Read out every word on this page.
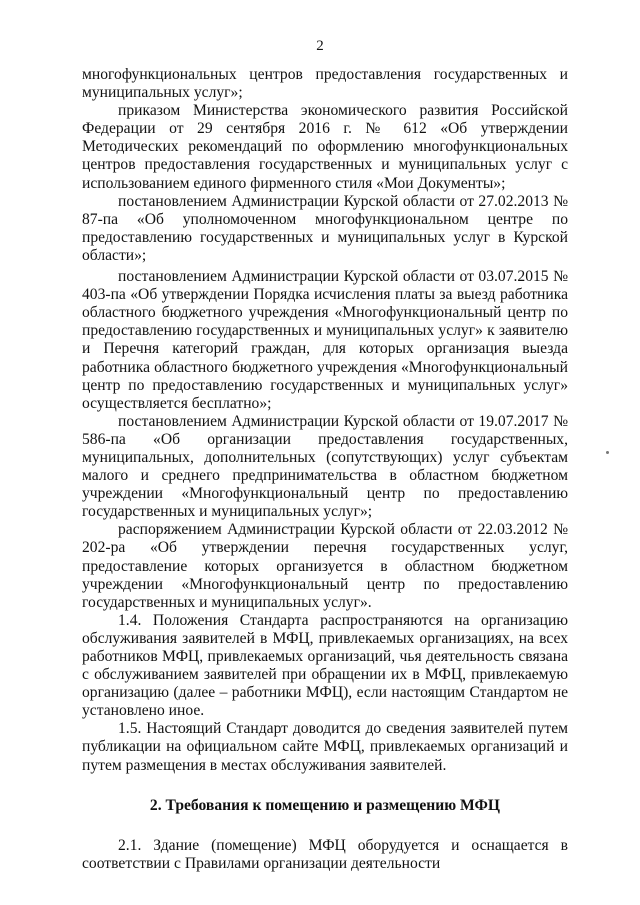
2

многофункциональных центров предоставления государственных и муниципальных услуг»;

приказом Министерства экономического развития Российской Федерации от 29 сентября 2016 г. № 612 «Об утверждении Методических рекомендаций по оформлению многофункциональных центров предоставления государственных и муниципальных услуг с использованием единого фирменного стиля «Мои Документы»;

постановлением Администрации Курской области от 27.02.2013 № 87-па «Об уполномоченном многофункциональном центре по предоставлению государственных и муниципальных услуг в Курской области»;

постановлением Администрации Курской области от 03.07.2015 № 403-па «Об утверждении Порядка исчисления платы за выезд работника областного бюджетного учреждения «Многофункциональный центр по предоставлению государственных и муниципальных услуг» к заявителю и Перечня категорий граждан, для которых организация выезда работника областного бюджетного учреждения «Многофункциональный центр по предоставлению государственных и муниципальных услуг» осуществляется бесплатно»;

постановлением Администрации Курской области от 19.07.2017 № 586-па «Об организации предоставления государственных, муниципальных, дополнительных (сопутствующих) услуг субъектам малого и среднего предпринимательства в областном бюджетном учреждении «Многофункциональный центр по предоставлению государственных и муниципальных услуг»;

распоряжением Администрации Курской области от 22.03.2012 № 202-ра «Об утверждении перечня государственных услуг, предоставление которых организуется в областном бюджетном учреждении «Многофункциональный центр по предоставлению государственных и муниципальных услуг».

1.4. Положения Стандарта распространяются на организацию обслуживания заявителей в МФЦ, привлекаемых организациях, на всех работников МФЦ, привлекаемых организаций, чья деятельность связана с обслуживанием заявителей при обращении их в МФЦ, привлекаемую организацию (далее – работники МФЦ), если настоящим Стандартом не установлено иное.

1.5. Настоящий Стандарт доводится до сведения заявителей путем публикации на официальном сайте МФЦ, привлекаемых организаций и путем размещения в местах обслуживания заявителей.

2. Требования к помещению и размещению МФЦ

2.1. Здание (помещение) МФЦ оборудуется и оснащается в соответствии с Правилами организации деятельности
